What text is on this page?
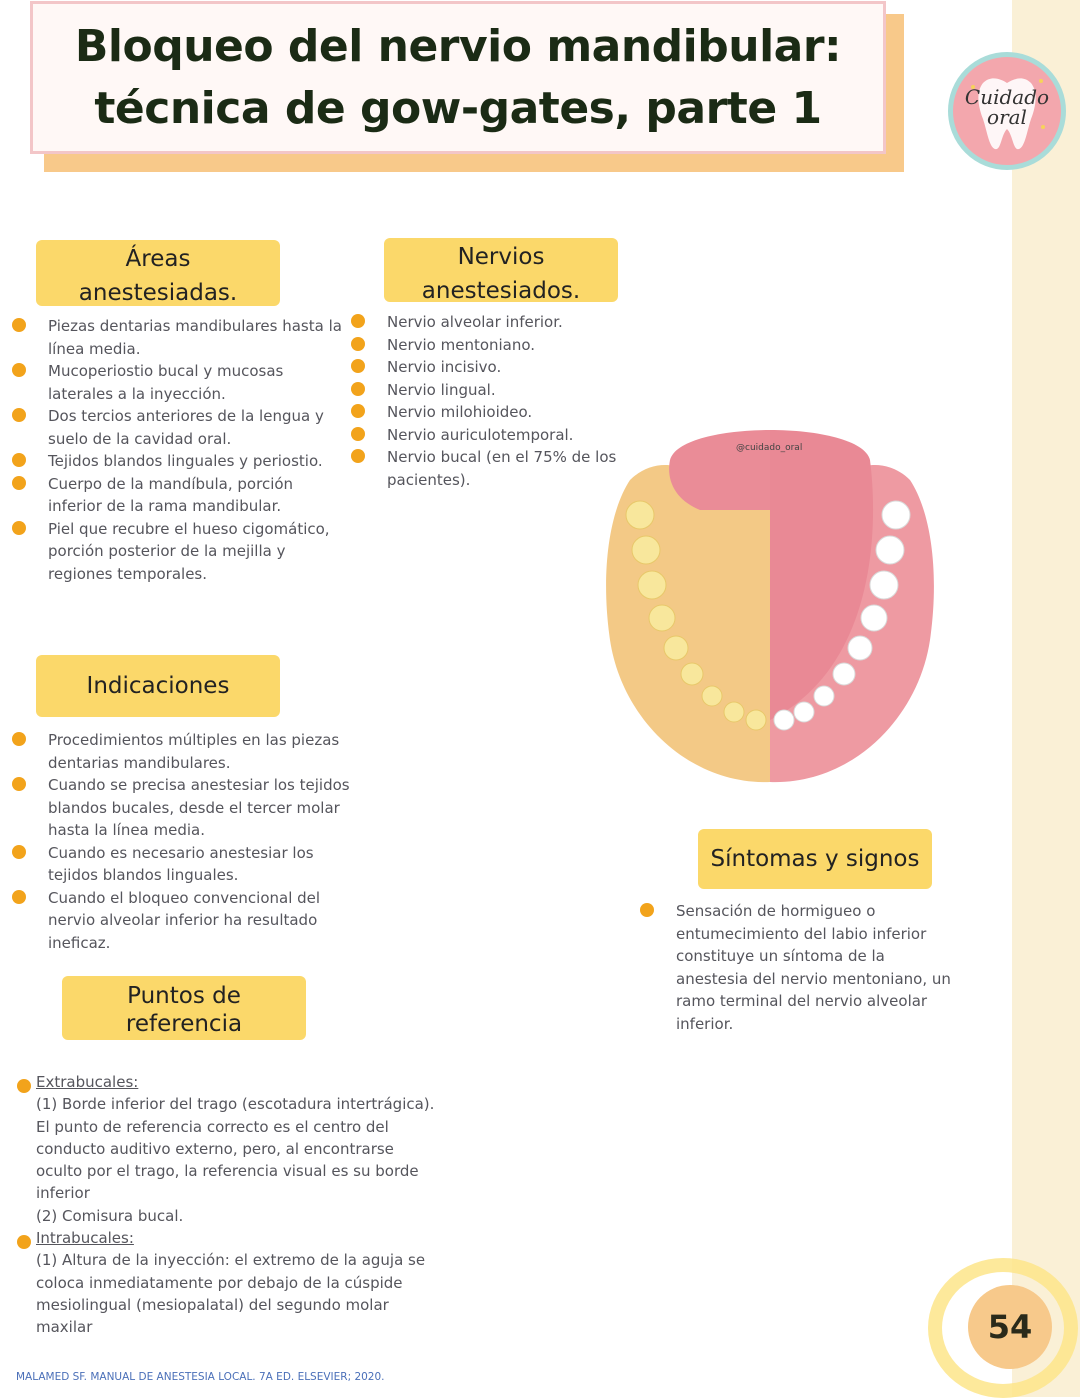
Bloqueo del nervio mandibular:
técnica de gow-gates, parte 1	Cuidado oral
Áreas
anestesiadas.
Piezas dentarias mandibulares hasta la línea media.
Mucoperiostio bucal y mucosas laterales a la inyección.
Dos tercios anteriores de la lengua y suelo de la cavidad oral.
Tejidos blandos linguales y periostio.
Cuerpo de la mandíbula, porción inferior de la rama mandibular.
Piel que recubre el hueso cigomático, porción posterior de la mejilla y regiones temporales.
Nervios
anestesiados.
Nervio alveolar inferior.
Nervio mentoniano.
Nervio incisivo.
Nervio lingual.
Nervio milohioideo.
Nervio auriculotemporal.
Nervio bucal (en el 75% de los pacientes).
@cuidado_oral
Indicaciones
Procedimientos múltiples en las piezas dentarias mandibulares.
Cuando se precisa anestesiar los tejidos blandos bucales, desde el tercer molar hasta la línea media.
Cuando es necesario anestesiar los tejidos blandos linguales.
Cuando el bloqueo convencional del nervio alveolar inferior ha resultado ineficaz.
Síntomas y signos
Sensación de hormigueo o entumecimiento del labio inferior constituye un síntoma de la anestesia del nervio mentoniano, un ramo terminal del nervio alveolar inferior.
Puntos de
referencia

Extrabucales:

(1) Borde inferior del trago (escotadura intertrágica). El punto de referencia correcto es el centro del conducto auditivo externo, pero, al encontrarse oculto por el trago, la referencia visual es su borde inferior

(2) Comisura bucal.

Intrabucales:

(1) Altura de la inyección: el extremo de la aguja se coloca inmediatamente por debajo de la cúspide mesiolingual (mesiopalatal) del segundo molar maxilar

MALAMED SF. MANUAL DE ANESTESIA LOCAL. 7A ED. ELSEVIER; 2020.
54
